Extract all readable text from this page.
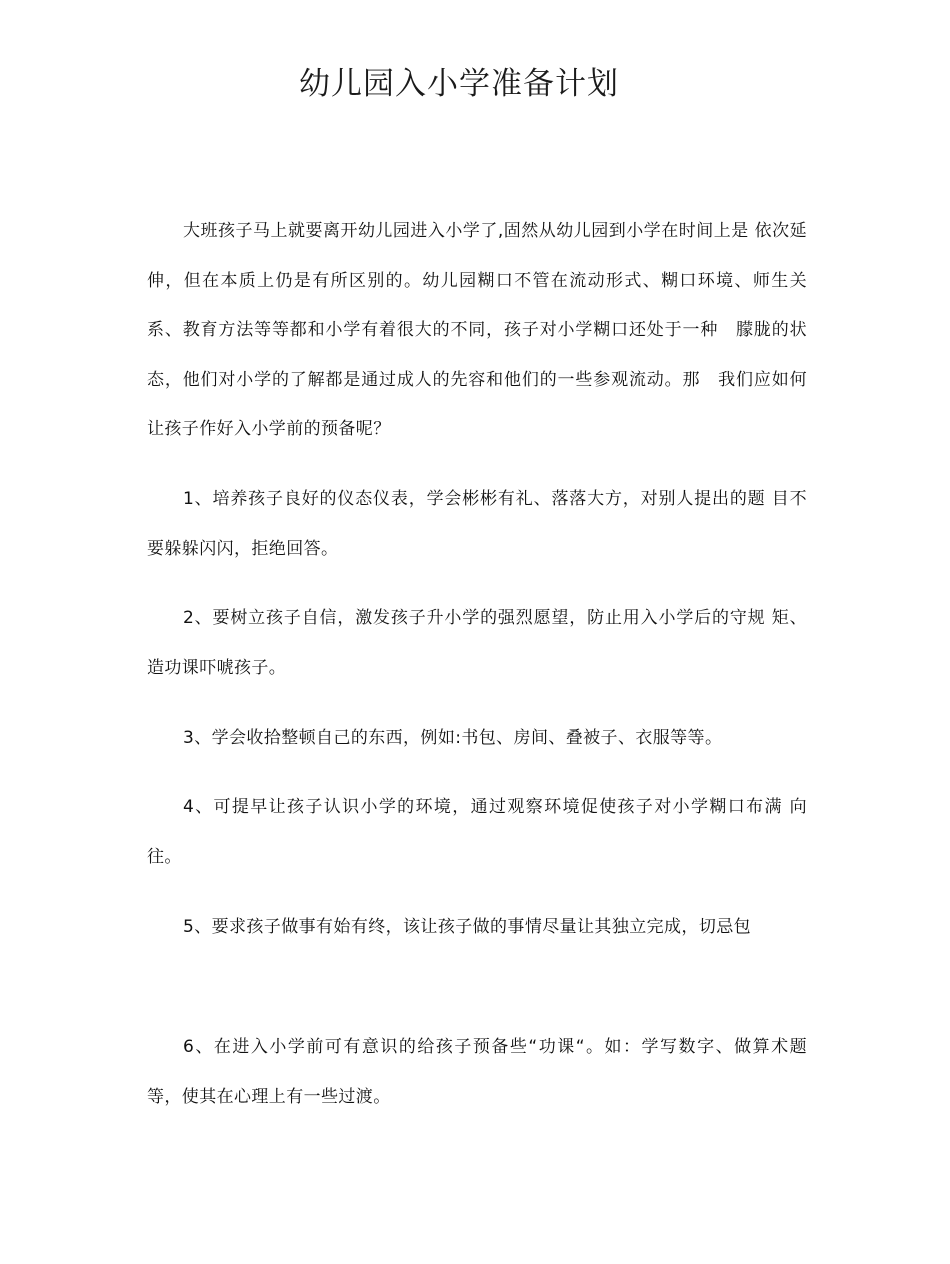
幼儿园入小学准备计划
大班孩子马上就要离开幼儿园进入小学了,固然从幼儿园到小学在时间上是 依次延伸，但在本质上仍是有所区别的。幼儿园糊口不管在流动形式、糊口环境、师生关系、教育方法等等都和小学有着很大的不同，孩子对小学糊口还处于一种　朦胧的状态，他们对小学的了解都是通过成人的先容和他们的一些参观流动。那　我们应如何让孩子作好入小学前的预备呢？
1、培养孩子良好的仪态仪表，学会彬彬有礼、落落大方，对别人提出的题 目不要躲躲闪闪，拒绝回答。
2、要树立孩子自信，激发孩子升小学的强烈愿望，防止用入小学后的守规 矩、造功课吓唬孩子。
3、学会收拾整顿自己的东西，例如:书包、房间、叠被子、衣服等等。
4、可提早让孩子认识小学的环境，通过观察环境促使孩子对小学糊口布满 向往。
5、要求孩子做事有始有终，该让孩子做的事情尽量让其独立完成，切忌包
6、在进入小学前可有意识的给孩子预备些“功课“。如：学写数字、做算术题 等，使其在心理上有一些过渡。
